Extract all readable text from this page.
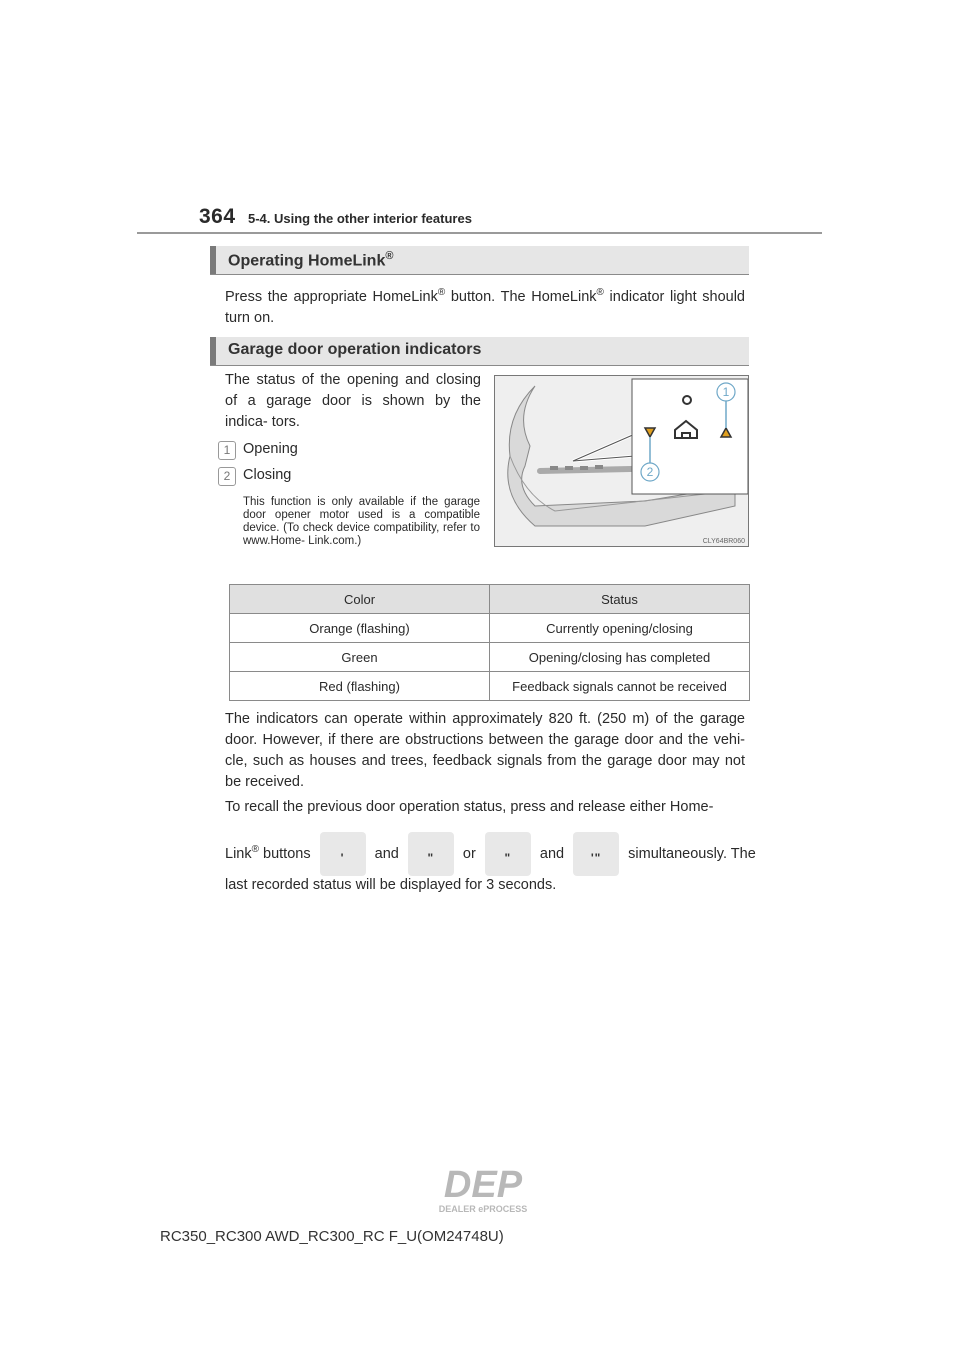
364 5-4. Using the other interior features
Operating HomeLink®
Press the appropriate HomeLink® button. The HomeLink® indicator light should turn on.
Garage door operation indicators
The status of the opening and closing of a garage door is shown by the indica- tors.
1 Opening
2 Closing
This function is only available if the garage door opener motor used is a compatible device. (To check device compatibility, refer to www.Home- Link.com.)
1
2
CLY64BR060
Color	Status
Orange (flashing)	Currently opening/closing
Green	Opening/closing has completed
Red (flashing)	Feedback signals cannot be received
The indicators can operate within approximately 820 ft. (250 m) of the garage door. However, if there are obstructions between the garage door and the vehi- cle, such as houses and trees, feedback signals from the garage door may not be received.
To recall the previous door operation status, press and release either Home-
Link® buttons	'	and	"	or	"	and	'"	simultaneously. The
last recorded status will be displayed for 3 seconds.
DEP
DEALER ePROCESS
RC350_RC300 AWD_RC300_RC F_U(OM24748U)
